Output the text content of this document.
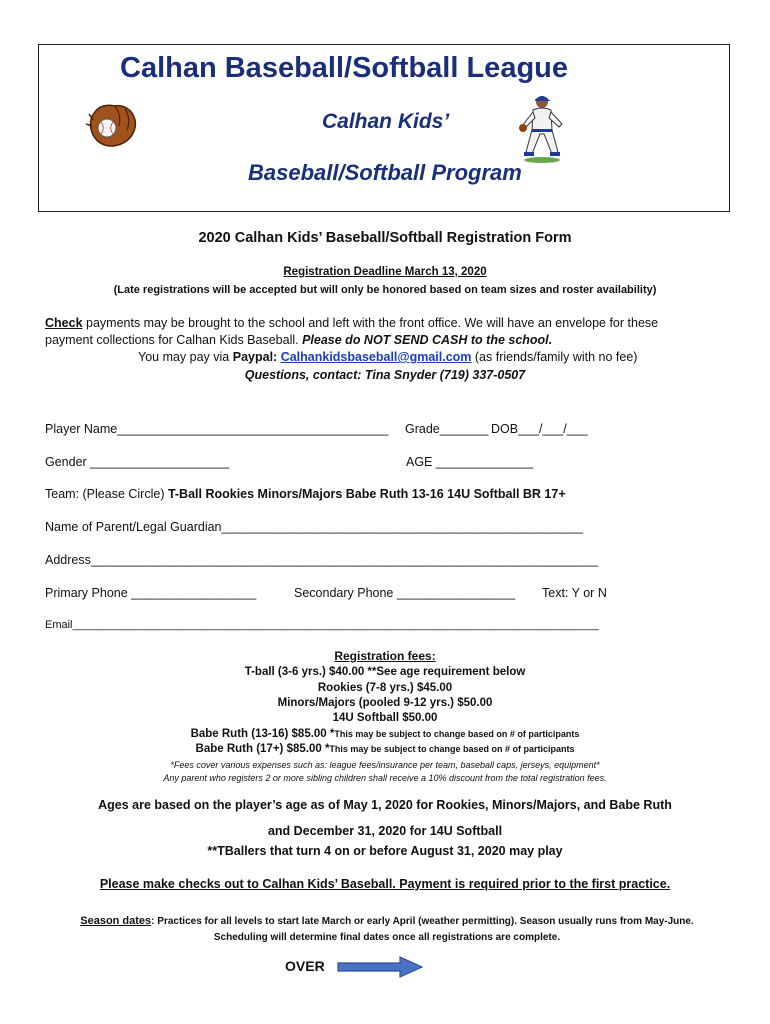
Calhan Baseball/Softball League
Calhan Kids’
Baseball/Softball Program
2020 Calhan Kids’ Baseball/Softball Registration Form
Registration Deadline March 13, 2020
(Late registrations will be accepted but will only be honored based on team sizes and roster availability)
Check payments may be brought to the school and left with the front office. We will have an envelope for these
payment collections for Calhan Kids Baseball. Please do NOT SEND CASH to the school.
You may pay via Paypal: Calhankidsbaseball@gmail.com (as friends/family with no fee)
Questions, contact: Tina Snyder (719) 337-0507
Player Name_______________________________________ Grade_______ DOB___/___/___
Gender ____________________	AGE ______________
Team: (Please Circle) T-Ball Rookies Minors/Majors Babe Ruth 13-16 14U Softball BR 17+
Name of Parent/Legal Guardian____________________________________________________
Address_________________________________________________________________________
Primary Phone __________________	Secondary Phone _________________ Text: Y or N
Email______________________________________________________________________________________
Registration fees:
T-ball (3-6 yrs.) $40.00 **See age requirement below
Rookies (7-8 yrs.) $45.00
Minors/Majors (pooled 9-12 yrs.) $50.00
14U Softball $50.00
Babe Ruth (13-16) $85.00 *This may be subject to change based on # of participants
Babe Ruth (17+) $85.00 *This may be subject to change based on # of participants
*Fees cover various expenses such as: league fees/insurance per team, baseball caps, jerseys, equipment*
Any parent who registers 2 or more sibling children shall receive a 10% discount from the total registration fees.
Ages are based on the player’s age as of May 1, 2020 for Rookies, Minors/Majors, and Babe Ruth
and December 31, 2020 for 14U Softball
**TBallers that turn 4 on or before August 31, 2020 may play
Please make checks out to Calhan Kids’ Baseball. Payment is required prior to the first practice.
Season dates: Practices for all levels to start late March or early April (weather permitting). Season usually runs from May-June. Scheduling will determine final dates once all registrations are complete.
OVER
